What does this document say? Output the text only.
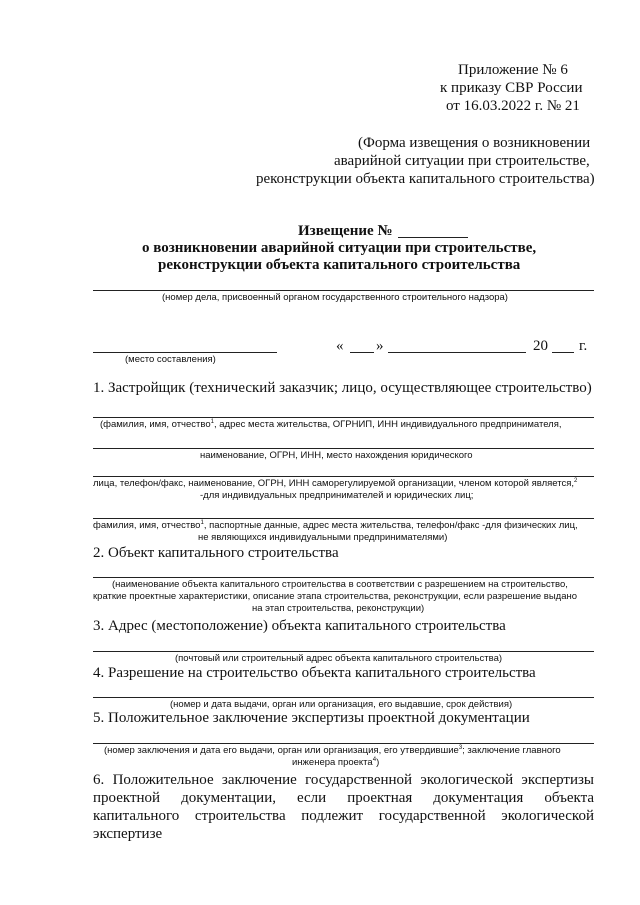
Приложение № 6
к приказу СВР России
от 16.03.2022 г. № 21
(Форма извещения о возникновении
аварийной ситуации при строительстве,
реконструкции объекта капитального строительства)
Извещение №
о возникновении аварийной ситуации при строительстве,
реконструкции объекта капитального строительства
(номер дела, присвоенный органом государственного строительного надзора)
(место составления)
« »	20 г.
1. Застройщик (технический заказчик; лицо, осуществляющее строительство)
(фамилия, имя, отчество$^1$, адрес места жительства, ОГРНИП, ИНН индивидуального предпринимателя,
наименование, ОГРН, ИНН, место нахождения юридического
лица, телефон/факс, наименование, ОГРН, ИНН саморегулируемой организации, членом которой является,$^2$
-для индивидуальных предпринимателей и юридических лиц;
фамилия, имя, отчество$^1$, паспортные данные, адрес места жительства, телефон/факс -для физических лиц,
не являющихся индивидуальными предпринимателями)
2. Объект капитального строительства
(наименование объекта капитального строительства в соответствии с разрешением на строительство,
краткие проектные характеристики, описание этапа строительства, реконструкции, если разрешение выдано
на этап строительства, реконструкции)
3. Адрес (местоположение) объекта капитального строительства
(почтовый или строительный адрес объекта капитального строительства)
4. Разрешение на строительство объекта капитального строительства
(номер и дата выдачи, орган или организация, его выдавшие, срок действия)
5. Положительное заключение экспертизы проектной документации
(номер заключения и дата его выдачи, орган или организация, его утвердившие$^3$; заключение главного
инженера проекта$^4$)
6. Положительное заключение государственной экологической экспертизы
проектной документации, если проектная документация объекта
капитального строительства подлежит государственной экологической
экспертизе
